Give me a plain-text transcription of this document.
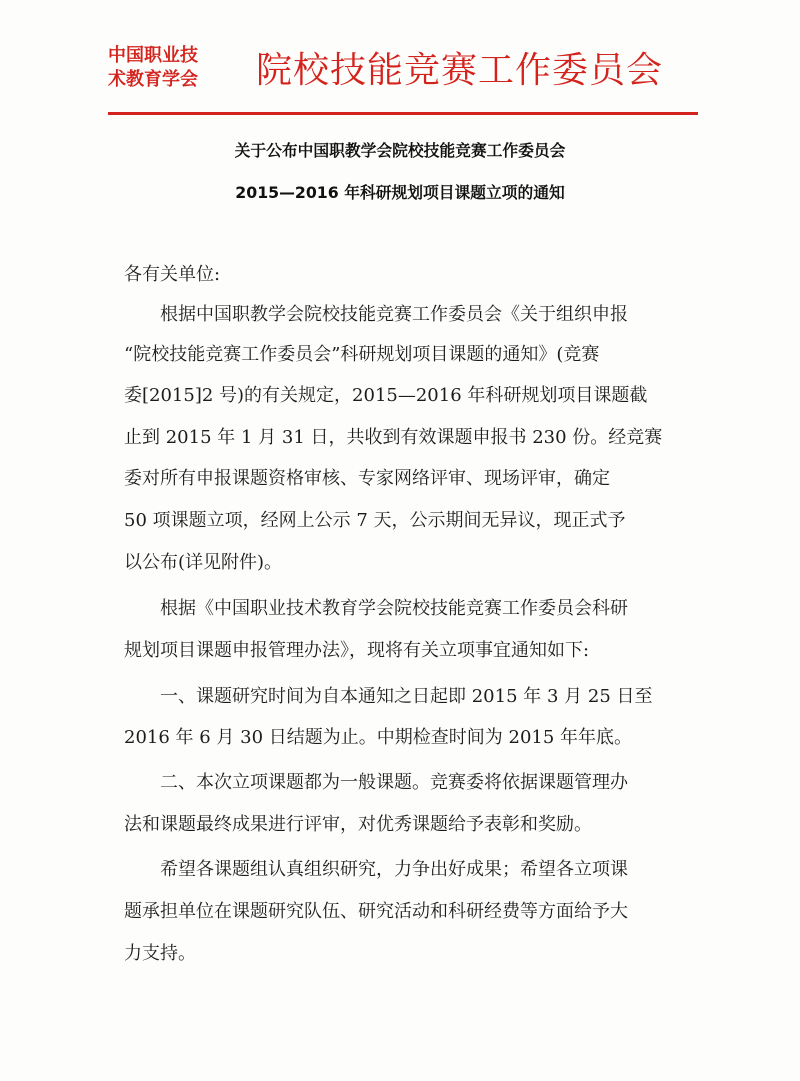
中国职业技
术教育学会	院校技能竞赛工作委员会
关于公布中国职教学会院校技能竞赛工作委员会
2015—2016 年科研规划项目课题立项的通知
各有关单位:
根据中国职教学会院校技能竞赛工作委员会《关于组织申报
“院校技能竞赛工作委员会”科研规划项目课题的通知》(竞赛
委[2015]2 号)的有关规定，2015—2016 年科研规划项目课题截
止到 2015 年 1 月 31 日，共收到有效课题申报书 230 份。经竞赛
委对所有申报课题资格审核、专家网络评审、现场评审，确定
50 项课题立项，经网上公示 7 天，公示期间无异议，现正式予
以公布(详见附件)。
根据《中国职业技术教育学会院校技能竞赛工作委员会科研
规划项目课题申报管理办法》，现将有关立项事宜通知如下:
一、课题研究时间为自本通知之日起即 2015 年 3 月 25 日至
2016 年 6 月 30 日结题为止。中期检查时间为 2015 年年底。
二、本次立项课题都为一般课题。竞赛委将依据课题管理办
法和课题最终成果进行评审，对优秀课题给予表彰和奖励。
希望各课题组认真组织研究，力争出好成果；希望各立项课
题承担单位在课题研究队伍、研究活动和科研经费等方面给予大
力支持。
